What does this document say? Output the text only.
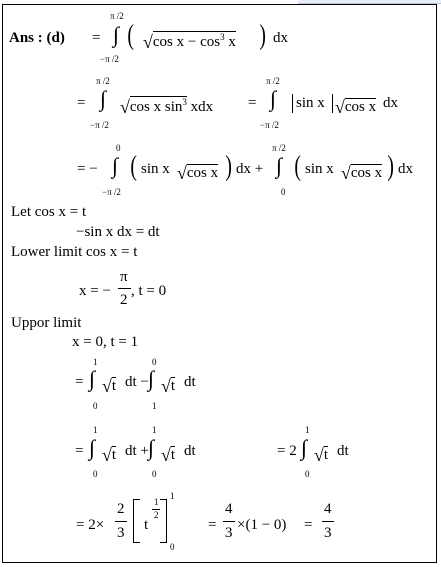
Ans : (d) =
π /2
∫
−π /2
( √cos $x - \cos^3 x$ ) dx
=
π /2
∫
−π /2
√cos x $\sin^3$ xdx =
π /2
∫
−π /2
sin x √cos x dx
= −
0
∫
−π /2
( sin x √cos x ) dx +
π /2
∫
0
( sin x √cos x ) dx
Let cos x = t
−sin x dx = dt
Lower limit cos x = t
x = −
π
2
, t = 0
Uppor limit
x = 0, t = 1
=
1
∫
0
√t dt −
0
∫
1
√t dt
=
1
∫
0
√t dt +
1
∫
0
√t dt	= 2
1
∫
0
√t dt
= 2×
2
3 t
1
2
1
0
=
4
3 ×(1 − 0) =
4
3
